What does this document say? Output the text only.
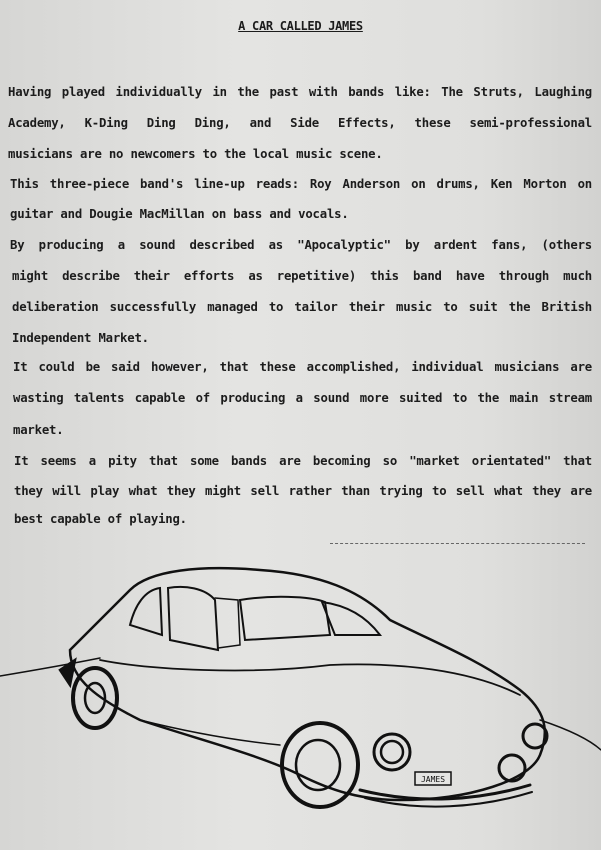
A CAR CALLED JAMES
Having played individually in the past with bands like: The Struts, Laughing
Academy, K-Ding Ding Ding, and Side Effects, these semi-professional
musicians are no newcomers to the local music scene.
This three-piece band's line-up reads: Roy Anderson on drums, Ken Morton on
guitar and Dougie MacMillan on bass and vocals.
By producing a sound described as "Apocalyptic" by ardent fans, (others
might describe their efforts as repetitive) this band have through much
deliberation successfully managed to tailor their music to suit the British
Independent Market.
It could be said however, that these accomplished, individual musicians are
wasting talents capable of producing a sound more suited to the main stream
market.
It seems a pity that some bands are becoming so "market orientated" that
they will play what they might sell rather than trying to sell what they are
best capable of playing.
JAMES
